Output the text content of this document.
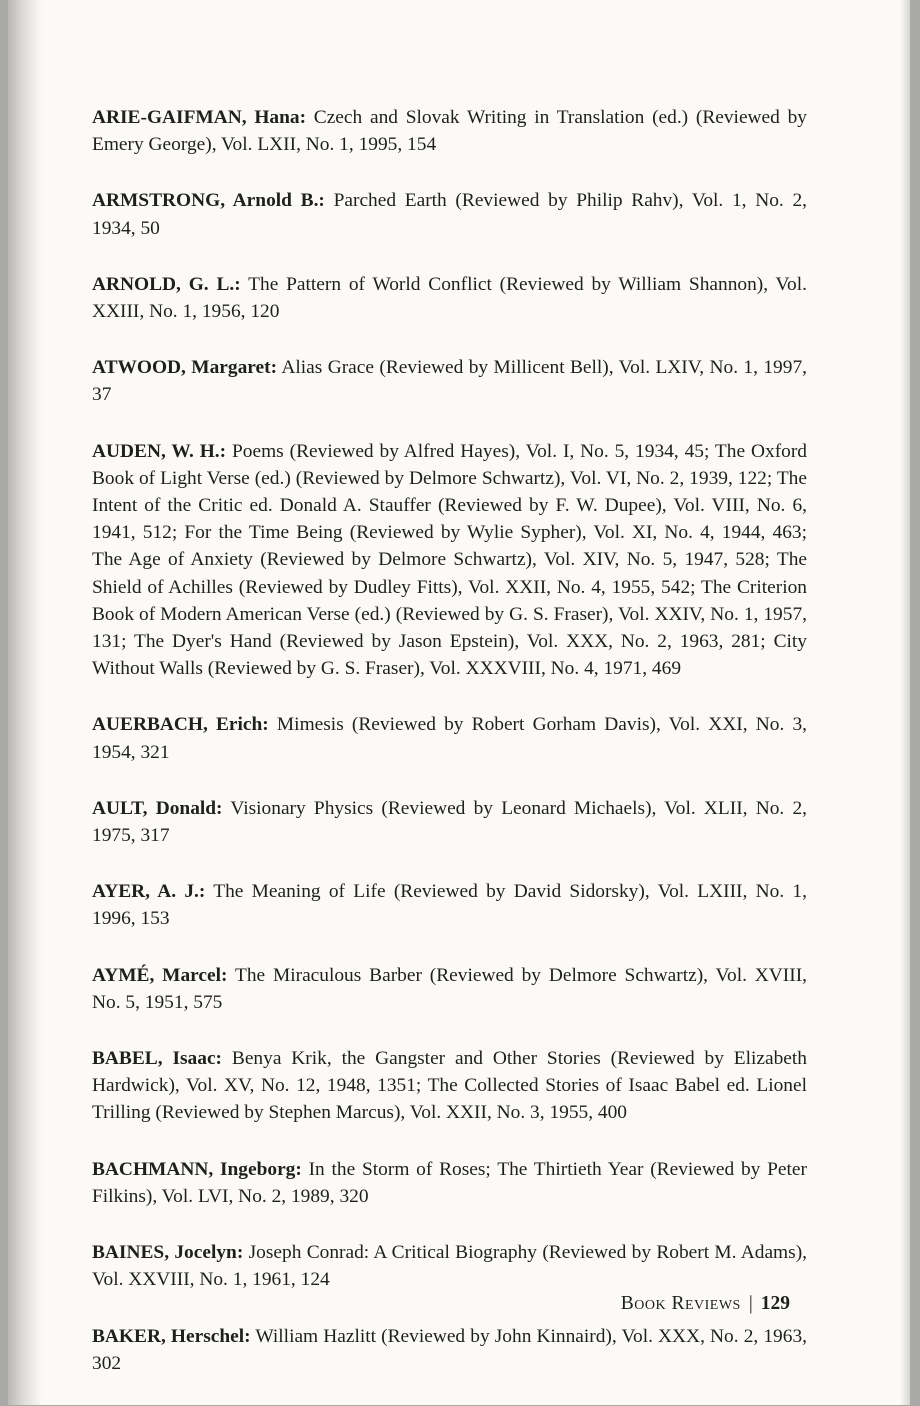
ARIE-GAIFMAN, Hana: Czech and Slovak Writing in Translation (ed.) (Reviewed by Emery George), Vol. LXII, No. 1, 1995, 154

ARMSTRONG, Arnold B.: Parched Earth (Reviewed by Philip Rahv), Vol. 1, No. 2, 1934, 50

ARNOLD, G. L.: The Pattern of World Conflict (Reviewed by William Shannon), Vol. XXIII, No. 1, 1956, 120

ATWOOD, Margaret: Alias Grace (Reviewed by Millicent Bell), Vol. LXIV, No. 1, 1997, 37

AUDEN, W. H.: Poems (Reviewed by Alfred Hayes), Vol. I, No. 5, 1934, 45; The Oxford Book of Light Verse (ed.) (Reviewed by Delmore Schwartz), Vol. VI, No. 2, 1939, 122; The Intent of the Critic ed. Donald A. Stauffer (Reviewed by F. W. Dupee), Vol. VIII, No. 6, 1941, 512; For the Time Being (Reviewed by Wylie Sypher), Vol. XI, No. 4, 1944, 463; The Age of Anxiety (Reviewed by Delmore Schwartz), Vol. XIV, No. 5, 1947, 528; The Shield of Achilles (Reviewed by Dudley Fitts), Vol. XXII, No. 4, 1955, 542; The Criterion Book of Modern American Verse (ed.) (Reviewed by G. S. Fraser), Vol. XXIV, No. 1, 1957, 131; The Dyer's Hand (Reviewed by Jason Epstein), Vol. XXX, No. 2, 1963, 281; City Without Walls (Reviewed by G. S. Fraser), Vol. XXXVIII, No. 4, 1971, 469

AUERBACH, Erich: Mimesis (Reviewed by Robert Gorham Davis), Vol. XXI, No. 3, 1954, 321

AULT, Donald: Visionary Physics (Reviewed by Leonard Michaels), Vol. XLII, No. 2, 1975, 317

AYER, A. J.: The Meaning of Life (Reviewed by David Sidorsky), Vol. LXIII, No. 1, 1996, 153

AYMÉ, Marcel: The Miraculous Barber (Reviewed by Delmore Schwartz), Vol. XVIII, No. 5, 1951, 575

BABEL, Isaac: Benya Krik, the Gangster and Other Stories (Reviewed by Elizabeth Hardwick), Vol. XV, No. 12, 1948, 1351; The Collected Stories of Isaac Babel ed. Lionel Trilling (Reviewed by Stephen Marcus), Vol. XXII, No. 3, 1955, 400

BACHMANN, Ingeborg: In the Storm of Roses; The Thirtieth Year (Reviewed by Peter Filkins), Vol. LVI, No. 2, 1989, 320

BAINES, Jocelyn: Joseph Conrad: A Critical Biography (Reviewed by Robert M. Adams), Vol. XXVIII, No. 1, 1961, 124

BAKER, Herschel: William Hazlitt (Reviewed by John Kinnaird), Vol. XXX, No. 2, 1963, 302

Book Reviews | 129
